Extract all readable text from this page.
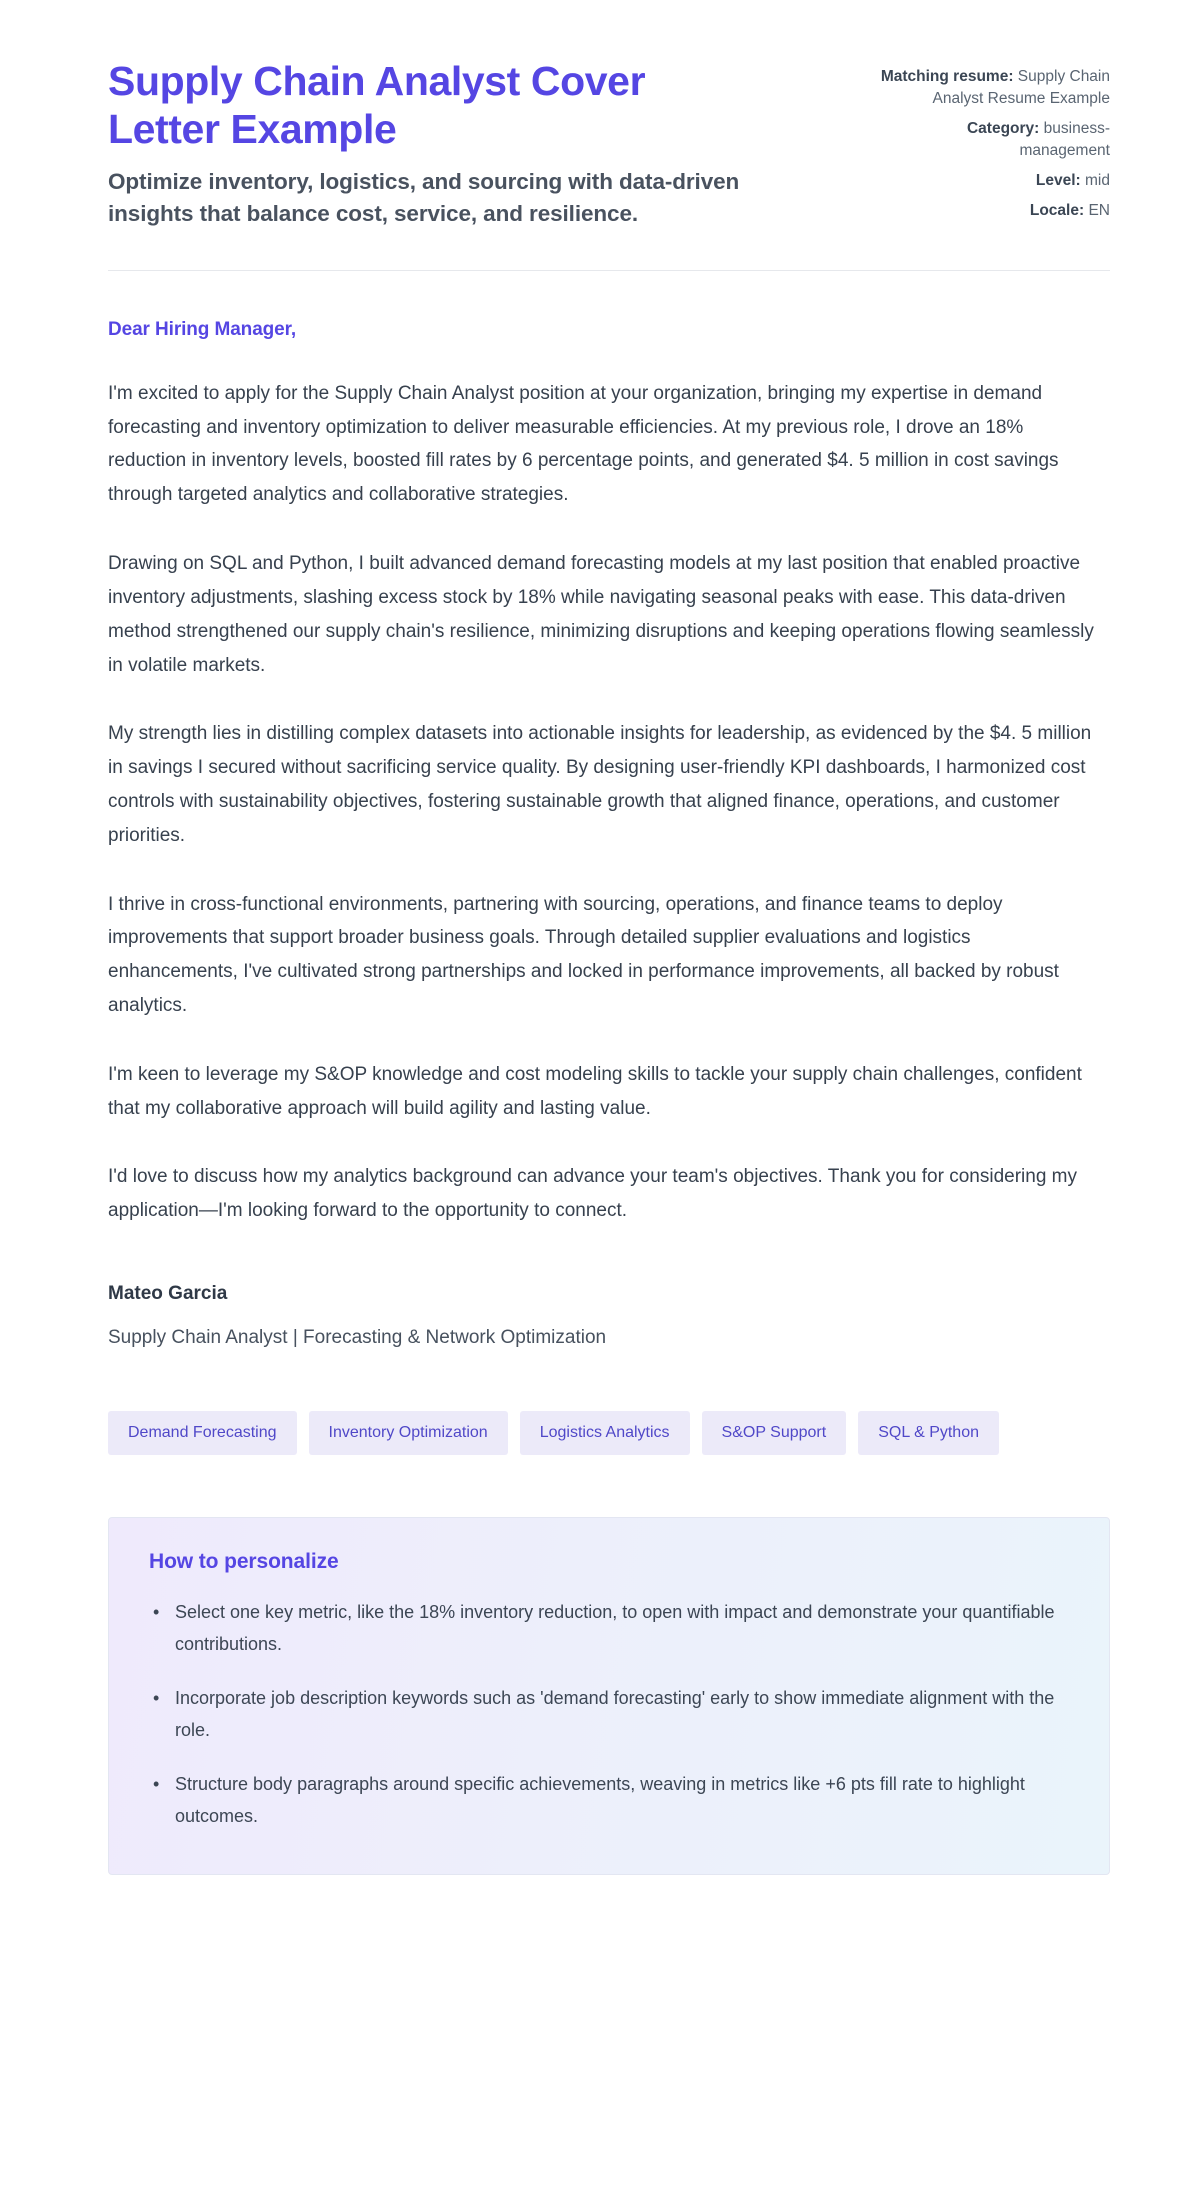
Supply Chain Analyst Cover Letter Example

Optimize inventory, logistics, and sourcing with data-driven insights that balance cost, service, and resilience.

Matching resume: Supply Chain Analyst Resume Example
Category: business-management
Level: mid
Locale: EN

Dear Hiring Manager,

I'm excited to apply for the Supply Chain Analyst position at your organization, bringing my expertise in demand forecasting and inventory optimization to deliver measurable efficiencies. At my previous role, I drove an 18% reduction in inventory levels, boosted fill rates by 6 percentage points, and generated $4. 5 million in cost savings through targeted analytics and collaborative strategies.

Drawing on SQL and Python, I built advanced demand forecasting models at my last position that enabled proactive inventory adjustments, slashing excess stock by 18% while navigating seasonal peaks with ease. This data-driven method strengthened our supply chain's resilience, minimizing disruptions and keeping operations flowing seamlessly in volatile markets.

My strength lies in distilling complex datasets into actionable insights for leadership, as evidenced by the $4. 5 million in savings I secured without sacrificing service quality. By designing user-friendly KPI dashboards, I harmonized cost controls with sustainability objectives, fostering sustainable growth that aligned finance, operations, and customer priorities.

I thrive in cross-functional environments, partnering with sourcing, operations, and finance teams to deploy improvements that support broader business goals. Through detailed supplier evaluations and logistics enhancements, I've cultivated strong partnerships and locked in performance improvements, all backed by robust analytics.

I'm keen to leverage my S&OP knowledge and cost modeling skills to tackle your supply chain challenges, confident that my collaborative approach will build agility and lasting value.

I'd love to discuss how my analytics background can advance your team's objectives. Thank you for considering my application—I'm looking forward to the opportunity to connect.

Mateo Garcia

Supply Chain Analyst | Forecasting & Network Optimization

Demand Forecasting	Inventory Optimization	Logistics Analytics	S&OP Support	SQL & Python
How to personalize
• Select one key metric, like the 18% inventory reduction, to open with impact and demonstrate your quantifiable contributions.
• Incorporate job description keywords such as 'demand forecasting' early to show immediate alignment with the role.
• Structure body paragraphs around specific achievements, weaving in metrics like +6 pts fill rate to highlight outcomes.
